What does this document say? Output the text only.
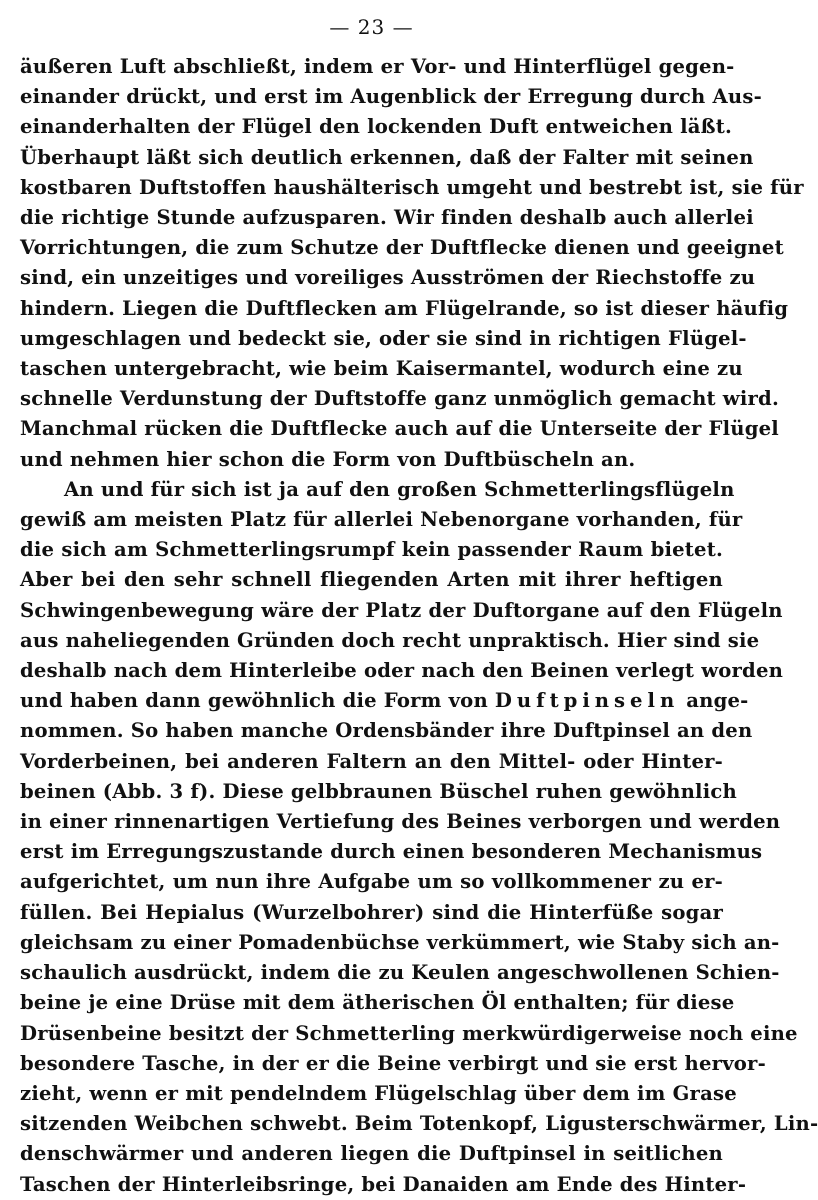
— 23 —
äußeren Luft abschließt, indem er Vor- und Hinterflügel gegen-
einander drückt, und erst im Augenblick der Erregung durch Aus-
einanderhalten der Flügel den lockenden Duft entweichen läßt.
Überhaupt läßt sich deutlich erkennen, daß der Falter mit seinen
kostbaren Duftstoffen haushälterisch umgeht und bestrebt ist, sie für
die richtige Stunde aufzusparen. Wir finden deshalb auch allerlei
Vorrichtungen, die zum Schutze der Duftflecke dienen und geeignet
sind, ein unzeitiges und voreiliges Ausströmen der Riechstoffe zu
hindern. Liegen die Duftflecken am Flügelrande, so ist dieser häufig
umgeschlagen und bedeckt sie, oder sie sind in richtigen Flügel-
taschen untergebracht, wie beim Kaisermantel, wodurch eine zu
schnelle Verdunstung der Duftstoffe ganz unmöglich gemacht wird.
Manchmal rücken die Duftflecke auch auf die Unterseite der Flügel
und nehmen hier schon die Form von Duftbüscheln an.
An und für sich ist ja auf den großen Schmetterlingsflügeln
gewiß am meisten Platz für allerlei Nebenorgane vorhanden, für
die sich am Schmetterlingsrumpf kein passender Raum bietet.
Aber bei den sehr schnell fliegenden Arten mit ihrer heftigen
Schwingenbewegung wäre der Platz der Duftorgane auf den Flügeln
aus naheliegenden Gründen doch recht unpraktisch. Hier sind sie
deshalb nach dem Hinterleibe oder nach den Beinen verlegt worden
und haben dann gewöhnlich die Form von Duftpinseln ange-
nommen. So haben manche Ordensbänder ihre Duftpinsel an den
Vorderbeinen, bei anderen Faltern an den Mittel- oder Hinter-
beinen (Abb. 3 f). Diese gelbbraunen Büschel ruhen gewöhnlich
in einer rinnenartigen Vertiefung des Beines verborgen und werden
erst im Erregungszustande durch einen besonderen Mechanismus
aufgerichtet, um nun ihre Aufgabe um so vollkommener zu er-
füllen. Bei Hepialus (Wurzelbohrer) sind die Hinterfüße sogar
gleichsam zu einer Pomadenbüchse verkümmert, wie Staby sich an-
schaulich ausdrückt, indem die zu Keulen angeschwollenen Schien-
beine je eine Drüse mit dem ätherischen Öl enthalten; für diese
Drüsenbeine besitzt der Schmetterling merkwürdigerweise noch eine
besondere Tasche, in der er die Beine verbirgt und sie erst hervor-
zieht, wenn er mit pendelndem Flügelschlag über dem im Grase
sitzenden Weibchen schwebt. Beim Totenkopf, Ligusterschwärmer, Lin-
denschwärmer und anderen liegen die Duftpinsel in seitlichen
Taschen der Hinterleibsringe, bei Danaiden am Ende des Hinter-
